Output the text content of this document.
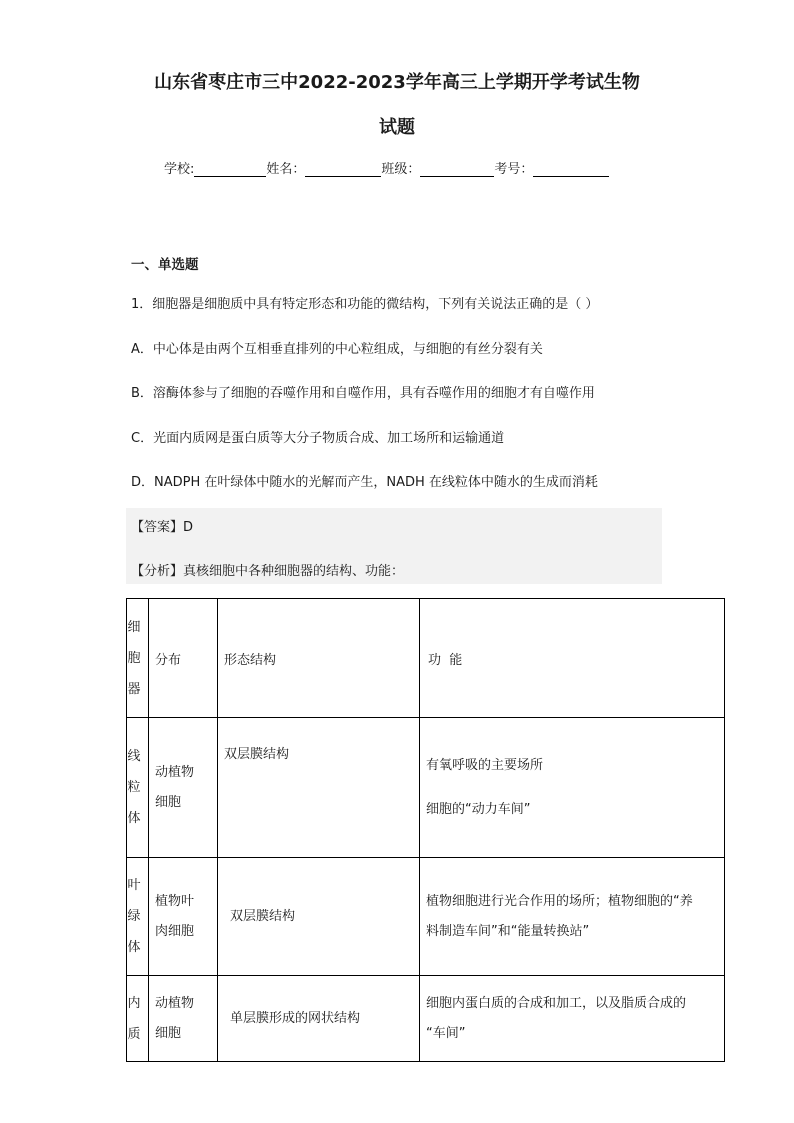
山东省枣庄市三中2022-2023学年高三上学期开学考试生物
试题
学校:	姓名：	班级：	考号：
一、单选题
1．细胞器是细胞质中具有特定形态和功能的微结构，下列有关说法正确的是（ ）
A．中心体是由两个互相垂直排列的中心粒组成，与细胞的有丝分裂有关
B．溶酶体参与了细胞的吞噬作用和自噬作用，具有吞噬作用的细胞才有自噬作用
C．光面内质网是蛋白质等大分子物质合成、加工场所和运输通道
D．NADPH 在叶绿体中随水的光解而产生，NADH 在线粒体中随水的生成而消耗
【答案】D
【分析】真核细胞中各种细胞器的结构、功能：
细胞器	分布	形态结构	功  能

线粒体	动植物细胞	双层膜结构	有氧呼吸的主要场所

细胞的“动力车间”

叶绿体	植物叶肉细胞	双层膜结构	植物细胞进行光合作用的场所；植物细胞的“养

料制造车间”和“能量转换站”

内质	动植物细胞	单层膜形成的网状结构	细胞内蛋白质的合成和加工，以及脂质合成的

“车间”
